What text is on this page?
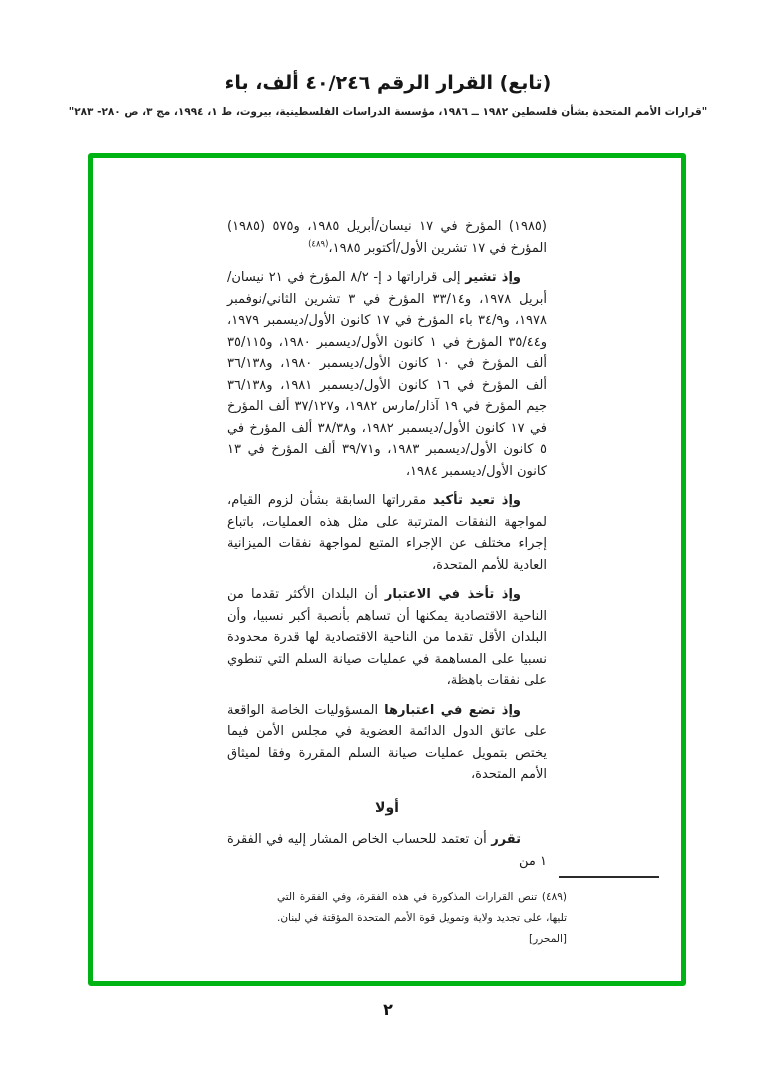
(تابع) القرار الرقم ٤٠/٢٤٦ ألف، باء
"قرارات الأمم المتحدة بشأن فلسطين ١٩٨٢ ــ ١٩٨٦، مؤسسة الدراسات الفلسطينية، بيروت، ط ١، ١٩٩٤، مج ٣، ص ٢٨٠- ٢٨٣"

(١٩٨٥) المؤرخ في ١٧ نيسان/أبريل ١٩٨٥، و٥٧٥ (١٩٨٥) المؤرخ في ١٧ تشرين الأول/أكتوبر ١٩٨٥،$^{(٤٨٩)}$

وإذ تشير إلى قراراتها د إ- ٨/٢ المؤرخ في ٢١ نيسان/أبريل ١٩٧٨، و٣٣/١٤ المؤرخ في ٣ تشرين الثاني/نوفمبر ١٩٧٨، و٣٤/٩ باء المؤرخ في ١٧ كانون الأول/ديسمبر ١٩٧٩، و٣٥/٤٤ المؤرخ في ١ كانون الأول/ديسمبر ١٩٨٠، و٣٥/١١٥ ألف المؤرخ في ١٠ كانون الأول/ديسمبر ١٩٨٠، و٣٦/١٣٨ ألف المؤرخ في ١٦ كانون الأول/ديسمبر ١٩٨١، و٣٦/١٣٨ جيم المؤرخ في ١٩ آذار/مارس ١٩٨٢، و٣٧/١٢٧ ألف المؤرخ في ١٧ كانون الأول/ديسمبر ١٩٨٢، و٣٨/٣٨ ألف المؤرخ في ٥ كانون الأول/ديسمبر ١٩٨٣، و٣٩/٧١ ألف المؤرخ في ١٣ كانون الأول/ديسمبر ١٩٨٤،

وإذ تعيد تأكيد مقرراتها السابقة بشأن لزوم القيام، لمواجهة النفقات المترتبة على مثل هذه العمليات، باتباع إجراء مختلف عن الإجراء المتبع لمواجهة نفقات الميزانية العادية للأمم المتحدة،

وإذ تأخذ في الاعتبار أن البلدان الأكثر تقدما من الناحية الاقتصادية يمكنها أن تساهم بأنصبة أكبر نسبيا، وأن البلدان الأقل تقدما من الناحية الاقتصادية لها قدرة محدودة نسبيا على المساهمة في عمليات صيانة السلم التي تنطوي على نفقات باهظة،

وإذ تضع في اعتبارها المسؤوليات الخاصة الواقعة على عاتق الدول الدائمة العضوية في مجلس الأمن فيما يختص بتمويل عمليات صيانة السلم المقررة وفقا لميثاق الأمم المتحدة،

أولا

تقرر أن تعتمد للحساب الخاص المشار إليه في الفقرة ١ من

(٤٨٩) تنص القرارات المذكورة في هذه الفقرة، وفي الفقرة التي تليها، على تجديد ولاية وتمويل قوة الأمم المتحدة المؤقتة في لبنان. [المحرر]

٢
